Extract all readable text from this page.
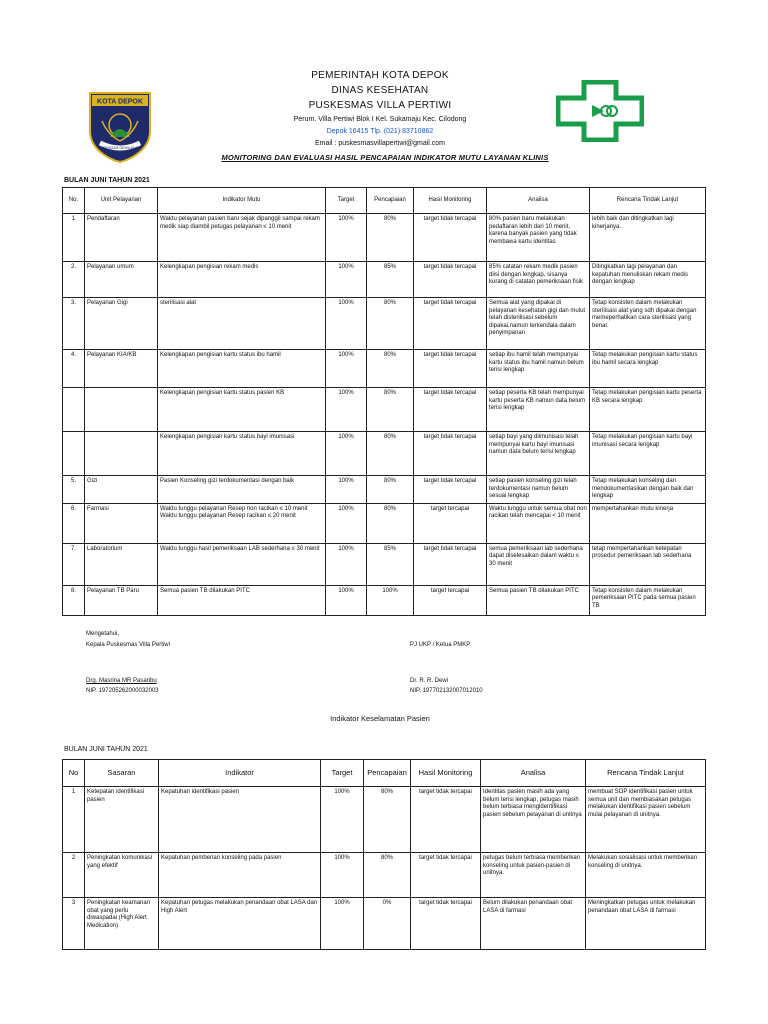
KOTA DEPOK
PERSADA GEMILANG
PEMERINTAH KOTA DEPOK
DINAS KESEHATAN
PUSKESMAS VILLA PERTIWI
Perum. Villa Pertiwi Blok I Kel. Sukamaju Kec. Cilodong
Depok 16415 Tlp. (021) 83710862
Email : puskesmasvillapertiwi@gmail.com
MONITORING DAN EVALUASI HASIL PENCAPAIAN INDIKATOR MUTU LAYANAN KLINIS
BULAN JUNI TAHUN 2021
No.	Unit Pelayanan	Indikator Mutu	Target	Pencapaian	Hasil Monitoring	Analisa	Rencana Tindak Lanjut
1	Pendaftaran	Waktu pelayanan pasien baru sejak dipanggil sampai rekam medik siap diambil petugas pelayanan ≤ 10 menit	100%	80%	target tidak tercapai	80% pasien baru melakukan pedaftaran lebih dari 10 menit, karena banyak pasien yang tidak membawa kartu identitas	lebih baik dan ditingkatkan lagi kinerjanya.
2.	Pelayanan umum	Kelengkapan pengisian rekam medis	100%	85%	target tidak tercapai	85% catatan rekam medik pasien diisi dengan lengkap, sisanya kurang di catatan pemeriksaan fisik	Ditingkatkan lagi pelayanan dan kepatuhan menuliskan rekam medis dengan lengkap
3.	Pelayanan Gigi	sterilisasi alat	100%	80%	target tidak tercapai	Semua alat yang dipakai di pelayanan kesehatan gigi dan mulut telah disterilisasi sebelum dipakai,namun terkendala dalam penyimpanan	Tetap konsisten dalam melakukan sterilisasi alat yang sdh dipakai dengan memeperhatikan cara sterilisasi yang benar.
4.	Pelayanan KIA/KB	Kelengkapan pengisian kartu status ibu hamil	100%	80%	target tidak tercapai	setiap ibu hamil telah mempunyai kartu status ibu hamil namun belum terisi lengkap	Tetap melakukan pengisian kartu status ibu hamil secara lengkap
		Kelengkapan pengisian kartu status pasien KB	100%	80%	target tidak tercapai	setiap peserta KB telah mempunyai kartu peserta KB namun data belum terisi lengkap	Tetap melakukan pengisian kartu peserta KB secara lengkap
		Kelengkapan pengisian kartu status bayi imunisasi	100%	80%	target tidak tercapai	setiap bayi yang diimunisasi telah mempunyai kartu bayi imunisasi namun data belum terisi lengkap	Tetap melakukan pengisian kartu bayi imunisasi secara lengkap
5.	Gizi	Pasien Konseling gizi terdokumentasi dengan baik	100%	80%	target tidak tercapai	setiap pasien konseling gizi telah terdokumentasi namun belum sesuai lengkap	Tetap melakukan konseling dan mendokumentasikan dengan baik dan lengkap
6.	Farmasi	Waktu tunggu pelayanan Resep non racikan ≤ 10 menit
Waktu tunggu pelayanan Resep racikan ≤ 20 menit	100%	80%	target tercapai	Waktu tunggu untuk semua obat non racikan telah mencapai < 10 menit	mempertahankan mutu kinerja
7.	Laboratorium	Waktu tunggu hasil pemeriksaan LAB sederhana ≤ 30 menit	100%	85%	target tidak tercapai	semua pemeriksaan lab sederhana dapat diselesaikan dalam waktu ≤ 30 menit	tetap mempertahankan ketepatan prosedur pemeriksaan lab sederhana
8.	Pelayanan TB Paru	Semua pasien TB dilakukan PITC	100%	100%	target tercapai	Semua pasien TB dilakukan PITC	Tetap konsisten dalam melakukan pemeriksaan PITC pada semua pasien TB
Mengetahui,
Kepala Puskesmas Villa Pertiwi
Drg. Masrina MR Pasaribu
NIP. 197205262000032003
PJ UKP / Ketua PMKP
Dr. R. R. Dewi
NIP. 197702132007012010
Indikator Keselamatan Pasien
BULAN JUNI TAHUN 2021
No	Sasaran	Indikator	Target	Pencapaian	Hasil Monitoring	Analisa	Rencana Tindak Lanjut
1	Ketepatan identifikasi pasien	Kepatuhan identifikasi pasien	100%	80%	target tidak tercapai	Identitas pasien masih ada yang belum terisi lengkap, petugas masih belum terbiasa mengidentifikasi pasien sebelum pelayanan di unitnya	membuat SOP identifikasi pasien untuk semua unit dan membiasakan petugas melakukan identifikasi pasien sebelum mulai pelayanan di unitnya.
2	Peningkatan komunikasi yang efektif	Kepatuhan pemberian konseling pada pasien	100%	80%	target tidak tercapai	petugas belum terbiasa memberikan konseling untuk pasien-pasien di unitnya.	Melakukan sosialisasi untuk memberikan konseling di unitnya.
3	Peningkatan keamanan obat yang perlu diwaspadai (High Alert Medication)	Kepatuhan petugas melakukan penandaan obat LASA dan High Alert	100%	0%	target tidak tercapai	Belum dilakukan penandaan obat LASA di farmasi	Meningkatkan petugas untuk melakukan penandaan obat LASA di farmasi
